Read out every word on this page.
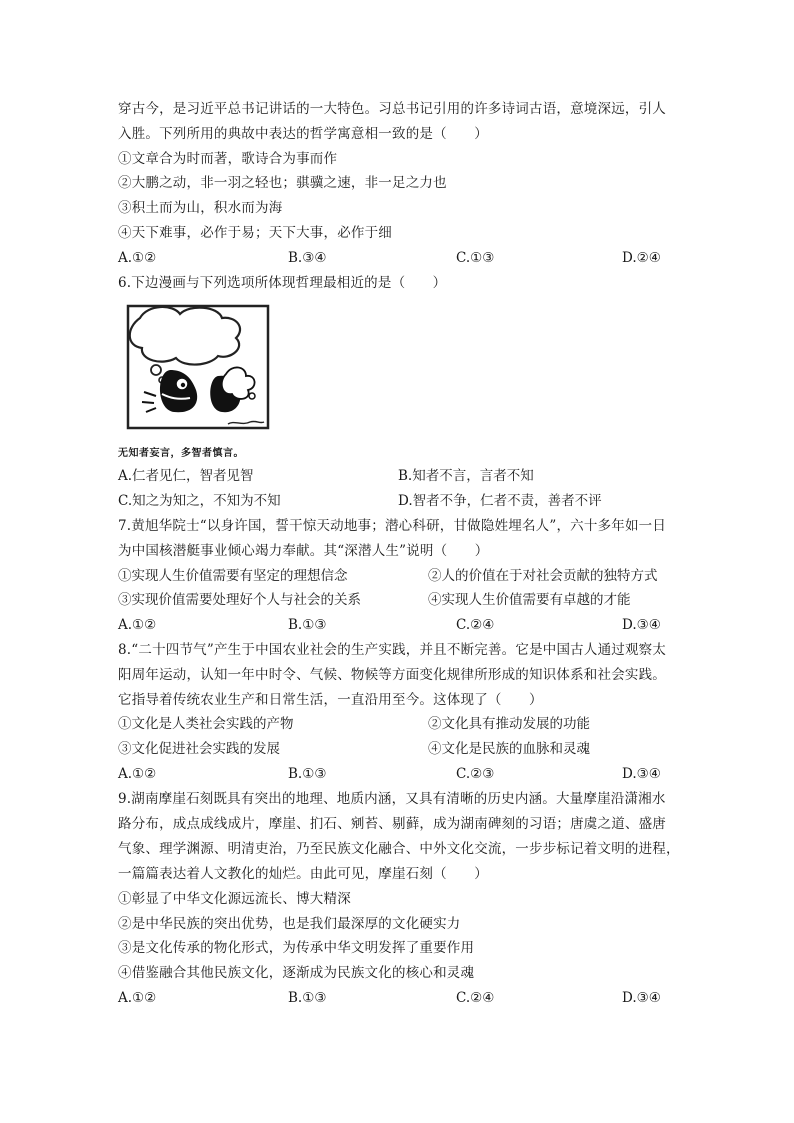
穿古今，是习近平总书记讲话的一大特色。习总书记引用的许多诗词古语，意境深远，引人
入胜。下列所用的典故中表达的哲学寓意相一致的是（　　）
①文章合为时而著，歌诗合为事而作
②大鹏之动，非一羽之轻也；骐骥之速，非一足之力也
③积土而为山，积水而为海
④天下难事，必作于易；天下大事，必作于细
A.①②	B.③④	C.①③	D.②④
6.下边漫画与下列选项所体现哲理最相近的是（　　）
无知者妄言，多智者慎言。
A.仁者见仁，智者见智	B.知者不言，言者不知
C.知之为知之，不知为不知	D.智者不争，仁者不责，善者不评
7.黄旭华院士“以身许国，誓干惊天动地事；潜心科研，甘做隐姓埋名人”，六十多年如一日
为中国核潜艇事业倾心竭力奉献。其“深潜人生”说明（　　）
①实现人生价值需要有坚定的理想信念	②人的价值在于对社会贡献的独特方式
③实现价值需要处理好个人与社会的关系	④实现人生价值需要有卓越的才能
A.①②	B.①③	C.②④	D.③④
8.“二十四节气”产生于中国农业社会的生产实践，并且不断完善。它是中国古人通过观察太
阳周年运动，认知一年中时令、气候、物候等方面变化规律所形成的知识体系和社会实践。
它指导着传统农业生产和日常生活，一直沿用至今。这体现了（　　）
①文化是人类社会实践的产物	②文化具有推动发展的功能
③文化促进社会实践的发展	④文化是民族的血脉和灵魂
A.①②	B.①③	C.②③	D.③④
9.湖南摩崖石刻既具有突出的地理、地质内涵，又具有清晰的历史内涵。大量摩崖沿潇湘水
路分布，成点成线成片，摩崖、扪石、剜苔、剔藓，成为湖南碑刻的习语；唐虞之道、盛唐
气象、理学渊源、明清吏治，乃至民族文化融合、中外文化交流，一步步标记着文明的进程，
一篇篇表达着人文教化的灿烂。由此可见，摩崖石刻（　　）
①彰显了中华文化源远流长、博大精深
②是中华民族的突出优势，也是我们最深厚的文化硬实力
③是文化传承的物化形式，为传承中华文明发挥了重要作用
④借鉴融合其他民族文化，逐渐成为民族文化的核心和灵魂
A.①②	B.①③	C.②④	D.③④
